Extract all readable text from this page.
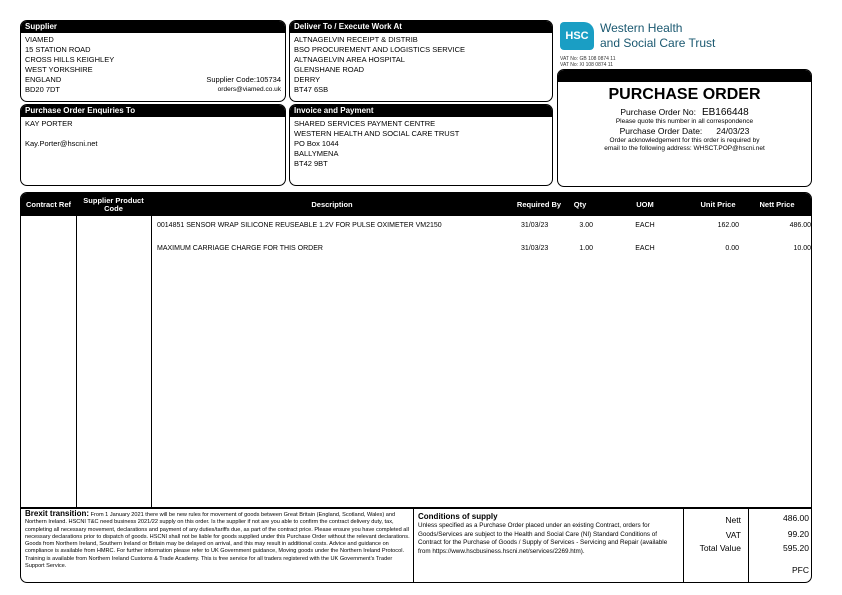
Supplier
VIAMED
15 STATION ROAD
CROSS HILLS KEIGHLEY
WEST YORKSHIRE
ENGLAND
BD20 7DT
Supplier Code:105734
orders@viamed.co.uk
Deliver To / Execute Work At
ALTNAGELVIN RECEIPT & DISTRIB
BSO PROCUREMENT AND LOGISTICS SERVICE
ALTNAGELVIN AREA HOSPITAL
GLENSHANE ROAD
DERRY
BT47 6SB
Purchase Order Enquiries To
KAY PORTER
Kay.Porter@hscni.net
Invoice and Payment
SHARED SERVICES PAYMENT CENTRE
WESTERN HEALTH AND SOCIAL CARE TRUST
PO Box 1044
BALLYMENA
BT42 9BT
HSC
Western Health
and Social Care Trust
VAT No: GB 108 0874 11
VAT No: XI 108 0874 11
PURCHASE ORDER
Purchase Order No: EB166448
Please quote this number in all correspondence
Purchase Order Date: 24/03/23
Order acknowledgement for this order is required by
email to the following address: WHSCT.POP@hscni.net
Contract Ref	Supplier Product Code	Description	Required By	Qty	UOM	Unit Price	Nett Price
0014851 SENSOR WRAP SILICONE REUSEABLE 1.2V FOR PULSE OXIMETER VM2150	31/03/23	3.00	EACH	162.00	486.00
MAXIMUM CARRIAGE CHARGE FOR THIS ORDER	31/03/23	1.00	EACH	0.00	10.00
Brexit transition: From 1 January 2021 there will be new rules for movement of goods between Great Britain (England, Scotland, Wales) and Northern Ireland. HSCNI T&C need business 2021/22 supply on this order. Is the supplier if not are you able to confirm the contract delivery duty, tax, completing all necessary movement, declarations and payment of any duties/tariffs due, as part of the contract price. Please ensure you have completed all necessary declarations prior to dispatch of goods. HSCNI shall not be liable for goods supplied under this Purchase Order without the relevant declarations. Goods from Northern Ireland, Southern Ireland or Britain may be delayed on arrival, and this may result in additional costs. Advice and guidance on compliance is available from HMRC. For further information please refer to UK Government guidance, Moving goods under the Northern Ireland Protocol. Training is available from Northern Ireland Customs & Trade Academy. This is free service for all traders registered with the UK Government's Trader Support Service.
Conditions of supply
Unless specified as a Purchase Order placed under an existing Contract, orders for Goods/Services are subject to the Health and Social Care (NI) Standard Conditions of Contract for the Purchase of Goods / Supply of Services - Servicing and Repair (available from https://www.hscbusiness.hscni.net/services/2269.htm).
Nett	486.00
VAT	99.20
Total Value	595.20
PFC
